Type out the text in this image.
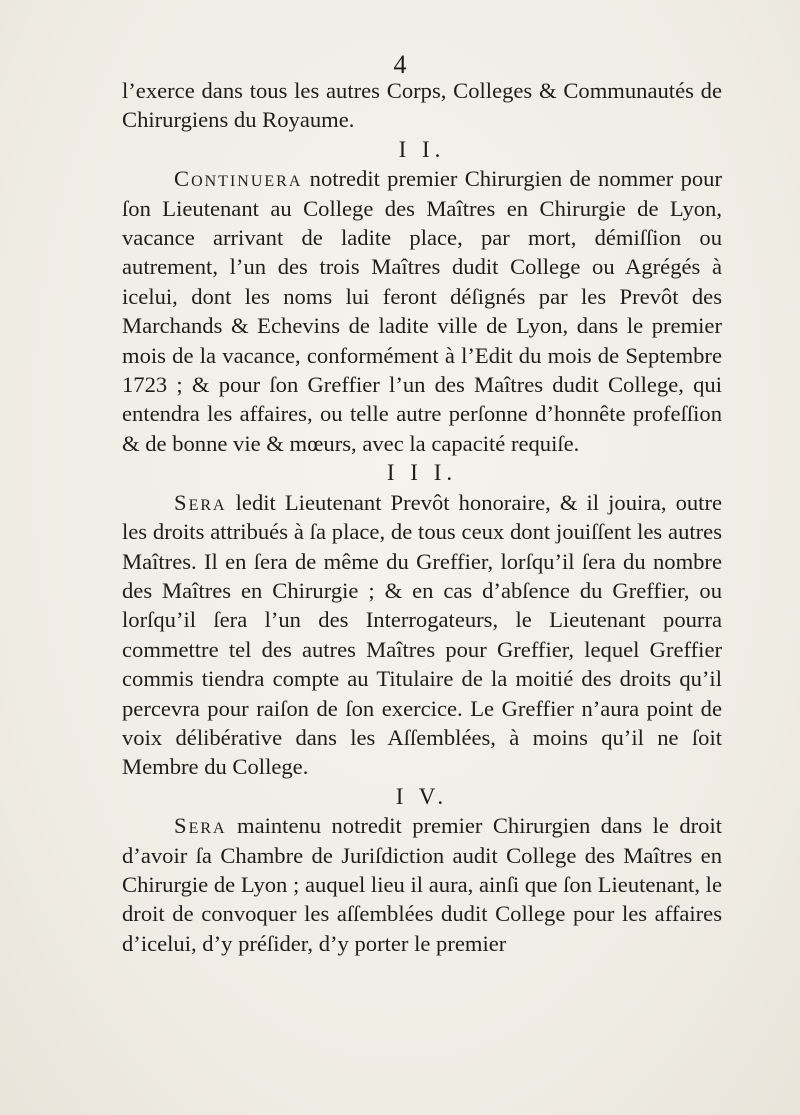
4

l’exerce dans tous les autres Corps, Colleges & Communautés de Chirurgiens du Royaume.

I I.

Continuera notredit premier Chirurgien de nommer pour ſon Lieutenant au College des Maîtres en Chirurgie de Lyon, vacance arrivant de ladite place, par mort, démiſſion ou autrement, l’un des trois Maîtres dudit College ou Agrégés à icelui, dont les noms lui feront déſignés par les Prevôt des Marchands & Echevins de ladite ville de Lyon, dans le premier mois de la vacance, conformément à l’Edit du mois de Septembre 1723 ; & pour ſon Greffier l’un des Maîtres dudit College, qui entendra les affaires, ou telle autre perſonne d’honnête profeſſion & de bonne vie & mœurs, avec la capacité requiſe.

I I I.

Sera ledit Lieutenant Prevôt honoraire, & il jouira, outre les droits attribués à ſa place, de tous ceux dont jouiſſent les autres Maîtres. Il en ſera de même du Greffier, lorſqu’il ſera du nombre des Maîtres en Chirurgie ; & en cas d’abſence du Greffier, ou lorſqu’il ſera l’un des Interrogateurs, le Lieutenant pourra commettre tel des autres Maîtres pour Greffier, lequel Greffier commis tiendra compte au Titulaire de la moitié des droits qu’il percevra pour raiſon de ſon exercice. Le Greffier n’aura point de voix délibérative dans les Aſſemblées, à moins qu’il ne ſoit Membre du College.

I V.

Sera maintenu notredit premier Chirurgien dans le droit d’avoir ſa Chambre de Juriſdiction audit College des Maîtres en Chirurgie de Lyon ; auquel lieu il aura, ainſi que ſon Lieutenant, le droit de convoquer les aſſemblées dudit College pour les affaires d’icelui, d’y préſider, d’y porter le premier
